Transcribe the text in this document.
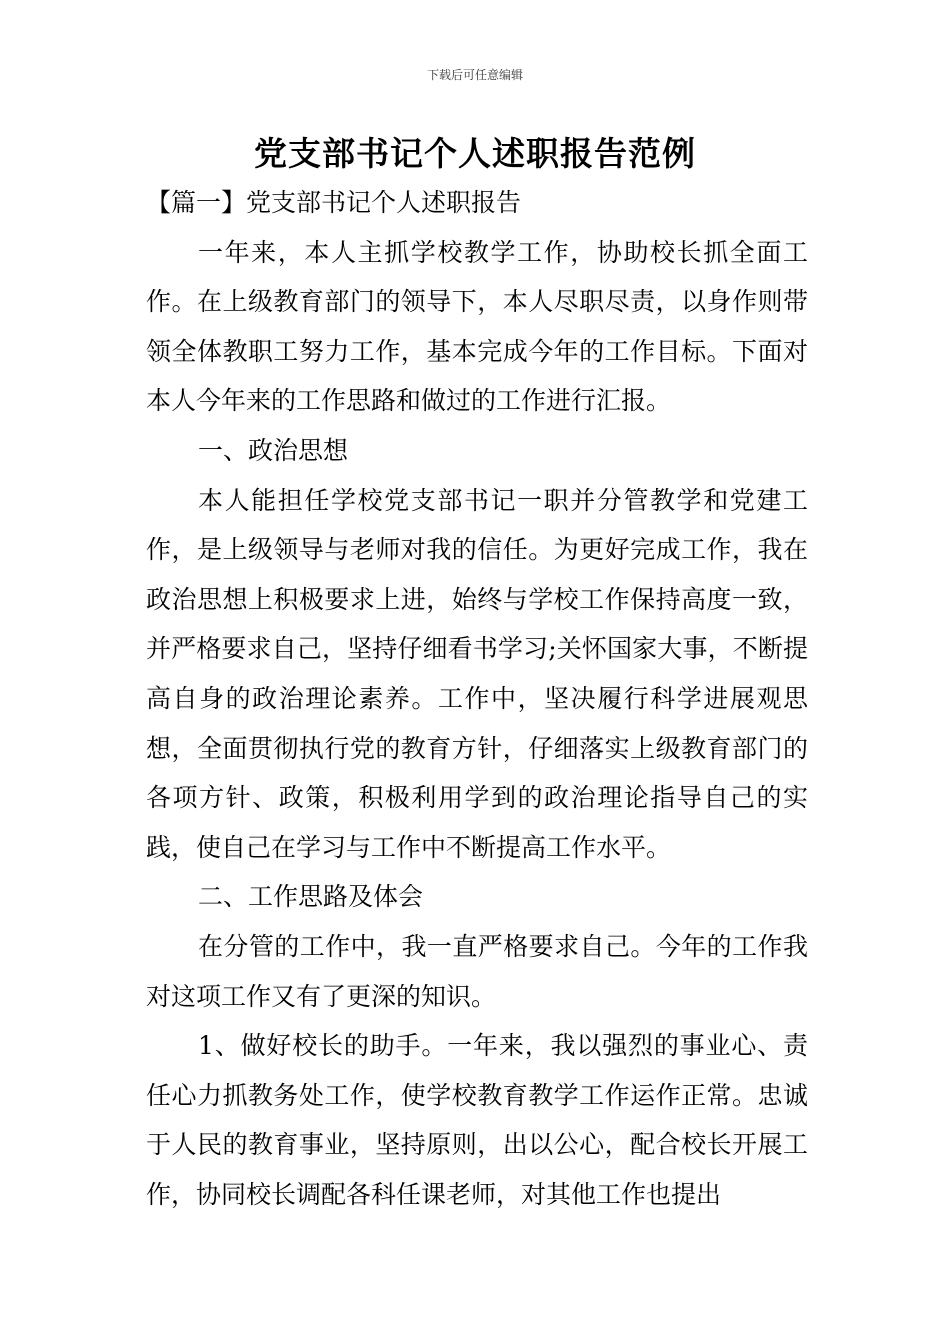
下载后可任意编辑
党支部书记个人述职报告范例

【篇一】党支部书记个人述职报告

一年来，本人主抓学校教学工作，协助校长抓全面工作。在上级教育部门的领导下，本人尽职尽责，以身作则带领全体教职工努力工作，基本完成今年的工作目标。下面对本人今年来的工作思路和做过的工作进行汇报。

一、政治思想

本人能担任学校党支部书记一职并分管教学和党建工作，是上级领导与老师对我的信任。为更好完成工作，我在政治思想上积极要求上进，始终与学校工作保持高度一致，并严格要求自己，坚持仔细看书学习;关怀国家大事，不断提高自身的政治理论素养。工作中，坚决履行科学进展观思想，全面贯彻执行党的教育方针，仔细落实上级教育部门的各项方针、政策，积极利用学到的政治理论指导自己的实践，使自己在学习与工作中不断提高工作水平。

二、工作思路及体会

在分管的工作中，我一直严格要求自己。今年的工作我对这项工作又有了更深的知识。

1、做好校长的助手。一年来，我以强烈的事业心、责任心力抓教务处工作，使学校教育教学工作运作正常。忠诚于人民的教育事业，坚持原则，出以公心，配合校长开展工作，协同校长调配各科任课老师，对其他工作也提出
